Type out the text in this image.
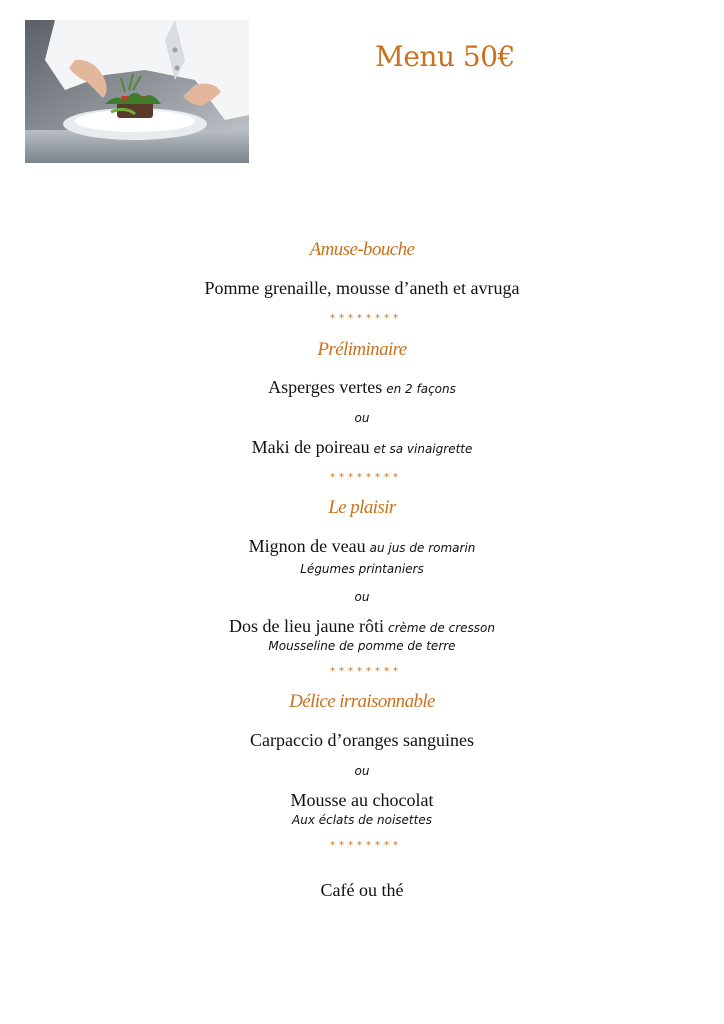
Menu 50€
Amuse-bouche
Pomme grenaille, mousse d’aneth et avruga
********
Préliminaire
Asperges vertes en 2 façons
ou
Maki de poireau et sa vinaigrette
********
Le plaisir
Mignon de veau au jus de romarin
Légumes printaniers
ou
Dos de lieu jaune rôti crème de cresson
Mousseline de pomme de terre
********
Délice irraisonnable
Carpaccio d’oranges sanguines
ou
Mousse au chocolat
Aux éclats de noisettes
********
Café ou thé
